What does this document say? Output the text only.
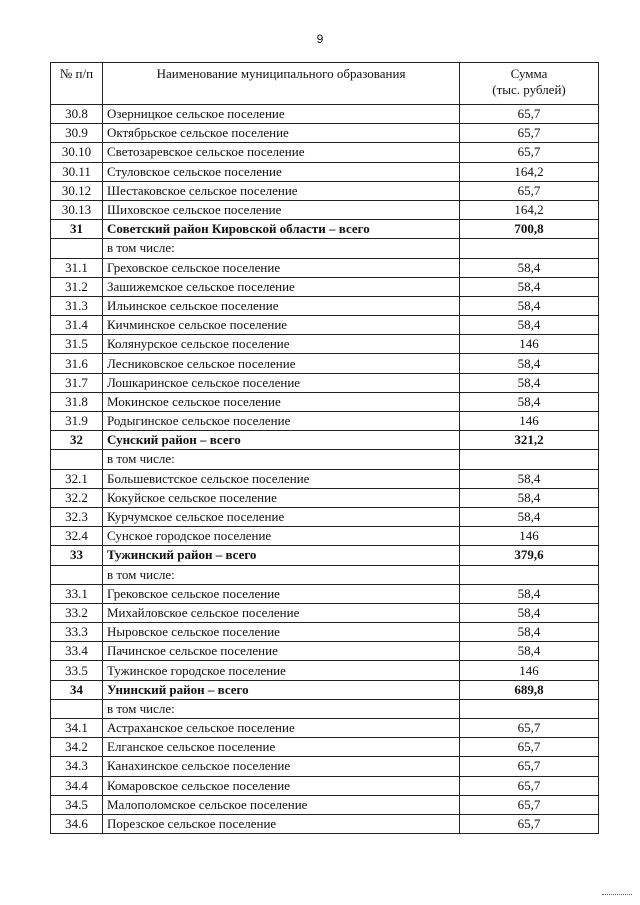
9
№ п/п	Наименование муниципального образования	Сумма
(тыс. рублей)

30.8	Озерницкое сельское поселение	65,7
30.9	Октябрьское сельское поселение	65,7
30.10	Светозаревское сельское поселение	65,7
30.11	Стуловское сельское поселение	164,2
30.12	Шестаковское сельское поселение	65,7
30.13	Шиховское сельское поселение	164,2
31	Советский район Кировской области – всего	700,8
	в том числе:	
31.1	Греховское сельское поселение	58,4
31.2	Зашижемское сельское поселение	58,4
31.3	Ильинское сельское поселение	58,4
31.4	Кичминское сельское поселение	58,4
31.5	Колянурское сельское поселение	146
31.6	Лесниковское сельское поселение	58,4
31.7	Лошкаринское сельское поселение	58,4
31.8	Мокинское сельское поселение	58,4
31.9	Родыгинское сельское поселение	146
32	Сунский район – всего	321,2
	в том числе:	
32.1	Большевистское сельское поселение	58,4
32.2	Кокуйское сельское поселение	58,4
32.3	Курчумское сельское поселение	58,4
32.4	Сунское городское поселение	146
33	Тужинский район – всего	379,6
	в том числе:	
33.1	Грековское сельское поселение	58,4
33.2	Михайловское сельское поселение	58,4
33.3	Ныровское сельское поселение	58,4
33.4	Пачинское сельское поселение	58,4
33.5	Тужинское городское поселение	146
34	Унинский район – всего	689,8
	в том числе:	
34.1	Астраханское сельское поселение	65,7
34.2	Елганское сельское поселение	65,7
34.3	Канахинское сельское поселение	65,7
34.4	Комаровское сельское поселение	65,7
34.5	Малополомское сельское поселение	65,7
34.6	Порезское сельское поселение	65,7
